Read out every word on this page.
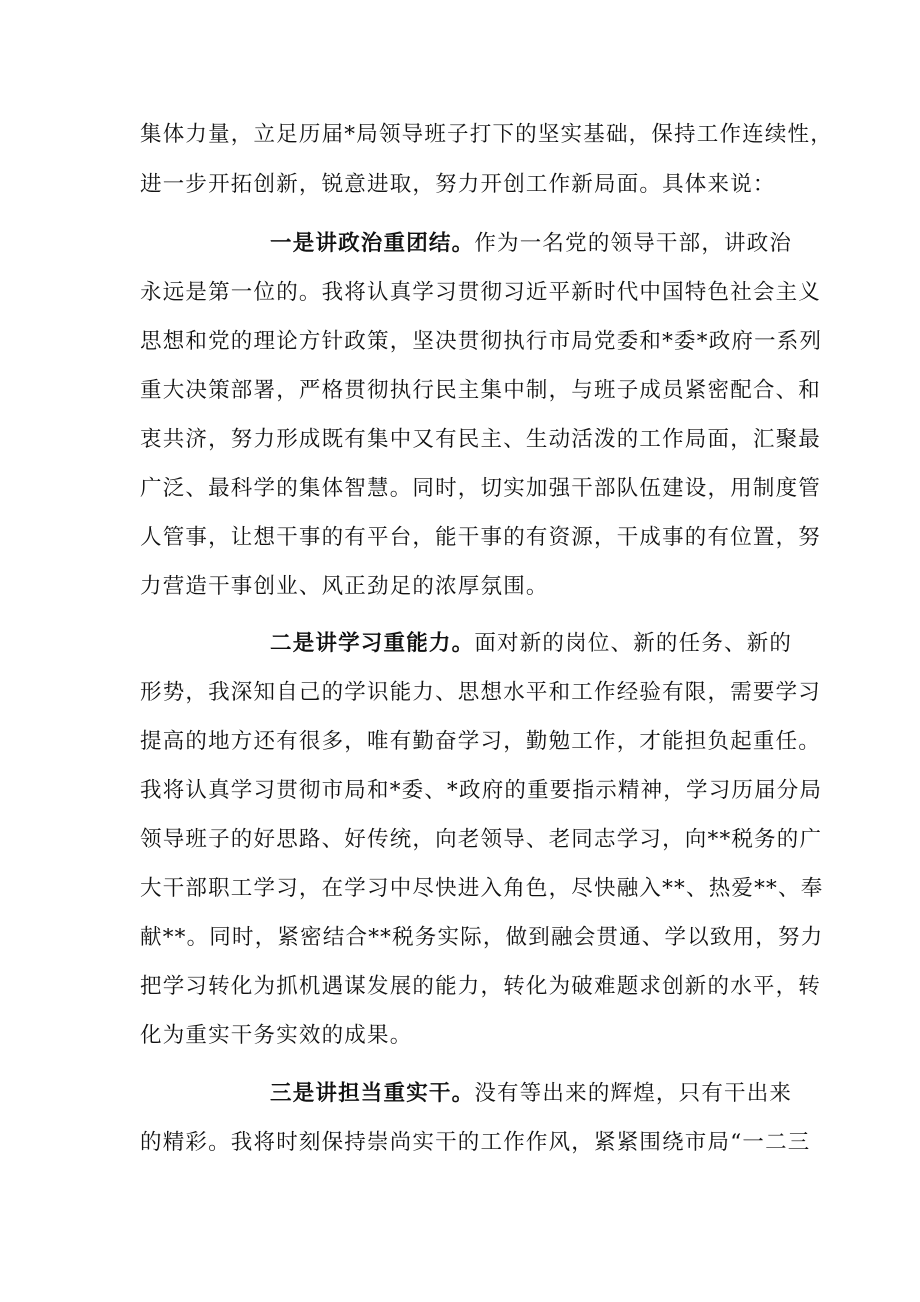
集体力量，立足历届*局领导班子打下的坚实基础，保持工作连续性，
进一步开拓创新，锐意进取，努力开创工作新局面。具体来说：
一是讲政治重团结。作为一名党的领导干部，讲政治
永远是第一位的。我将认真学习贯彻习近平新时代中国特色社会主义
思想和党的理论方针政策，坚决贯彻执行市局党委和*委*政府一系列
重大决策部署，严格贯彻执行民主集中制，与班子成员紧密配合、和
衷共济，努力形成既有集中又有民主、生动活泼的工作局面，汇聚最
广泛、最科学的集体智慧。同时，切实加强干部队伍建设，用制度管
人管事，让想干事的有平台，能干事的有资源，干成事的有位置，努
力营造干事创业、风正劲足的浓厚氛围。
二是讲学习重能力。面对新的岗位、新的任务、新的
形势，我深知自己的学识能力、思想水平和工作经验有限，需要学习
提高的地方还有很多，唯有勤奋学习，勤勉工作，才能担负起重任。
我将认真学习贯彻市局和*委、*政府的重要指示精神，学习历届分局
领导班子的好思路、好传统，向老领导、老同志学习，向**税务的广
大干部职工学习，在学习中尽快进入角色，尽快融入**、热爱**、奉
献**。同时，紧密结合**税务实际，做到融会贯通、学以致用，努力
把学习转化为抓机遇谋发展的能力，转化为破难题求创新的水平，转
化为重实干务实效的成果。
三是讲担当重实干。没有等出来的辉煌，只有干出来
的精彩。我将时刻保持崇尚实干的工作作风，紧紧围绕市局“一二三
